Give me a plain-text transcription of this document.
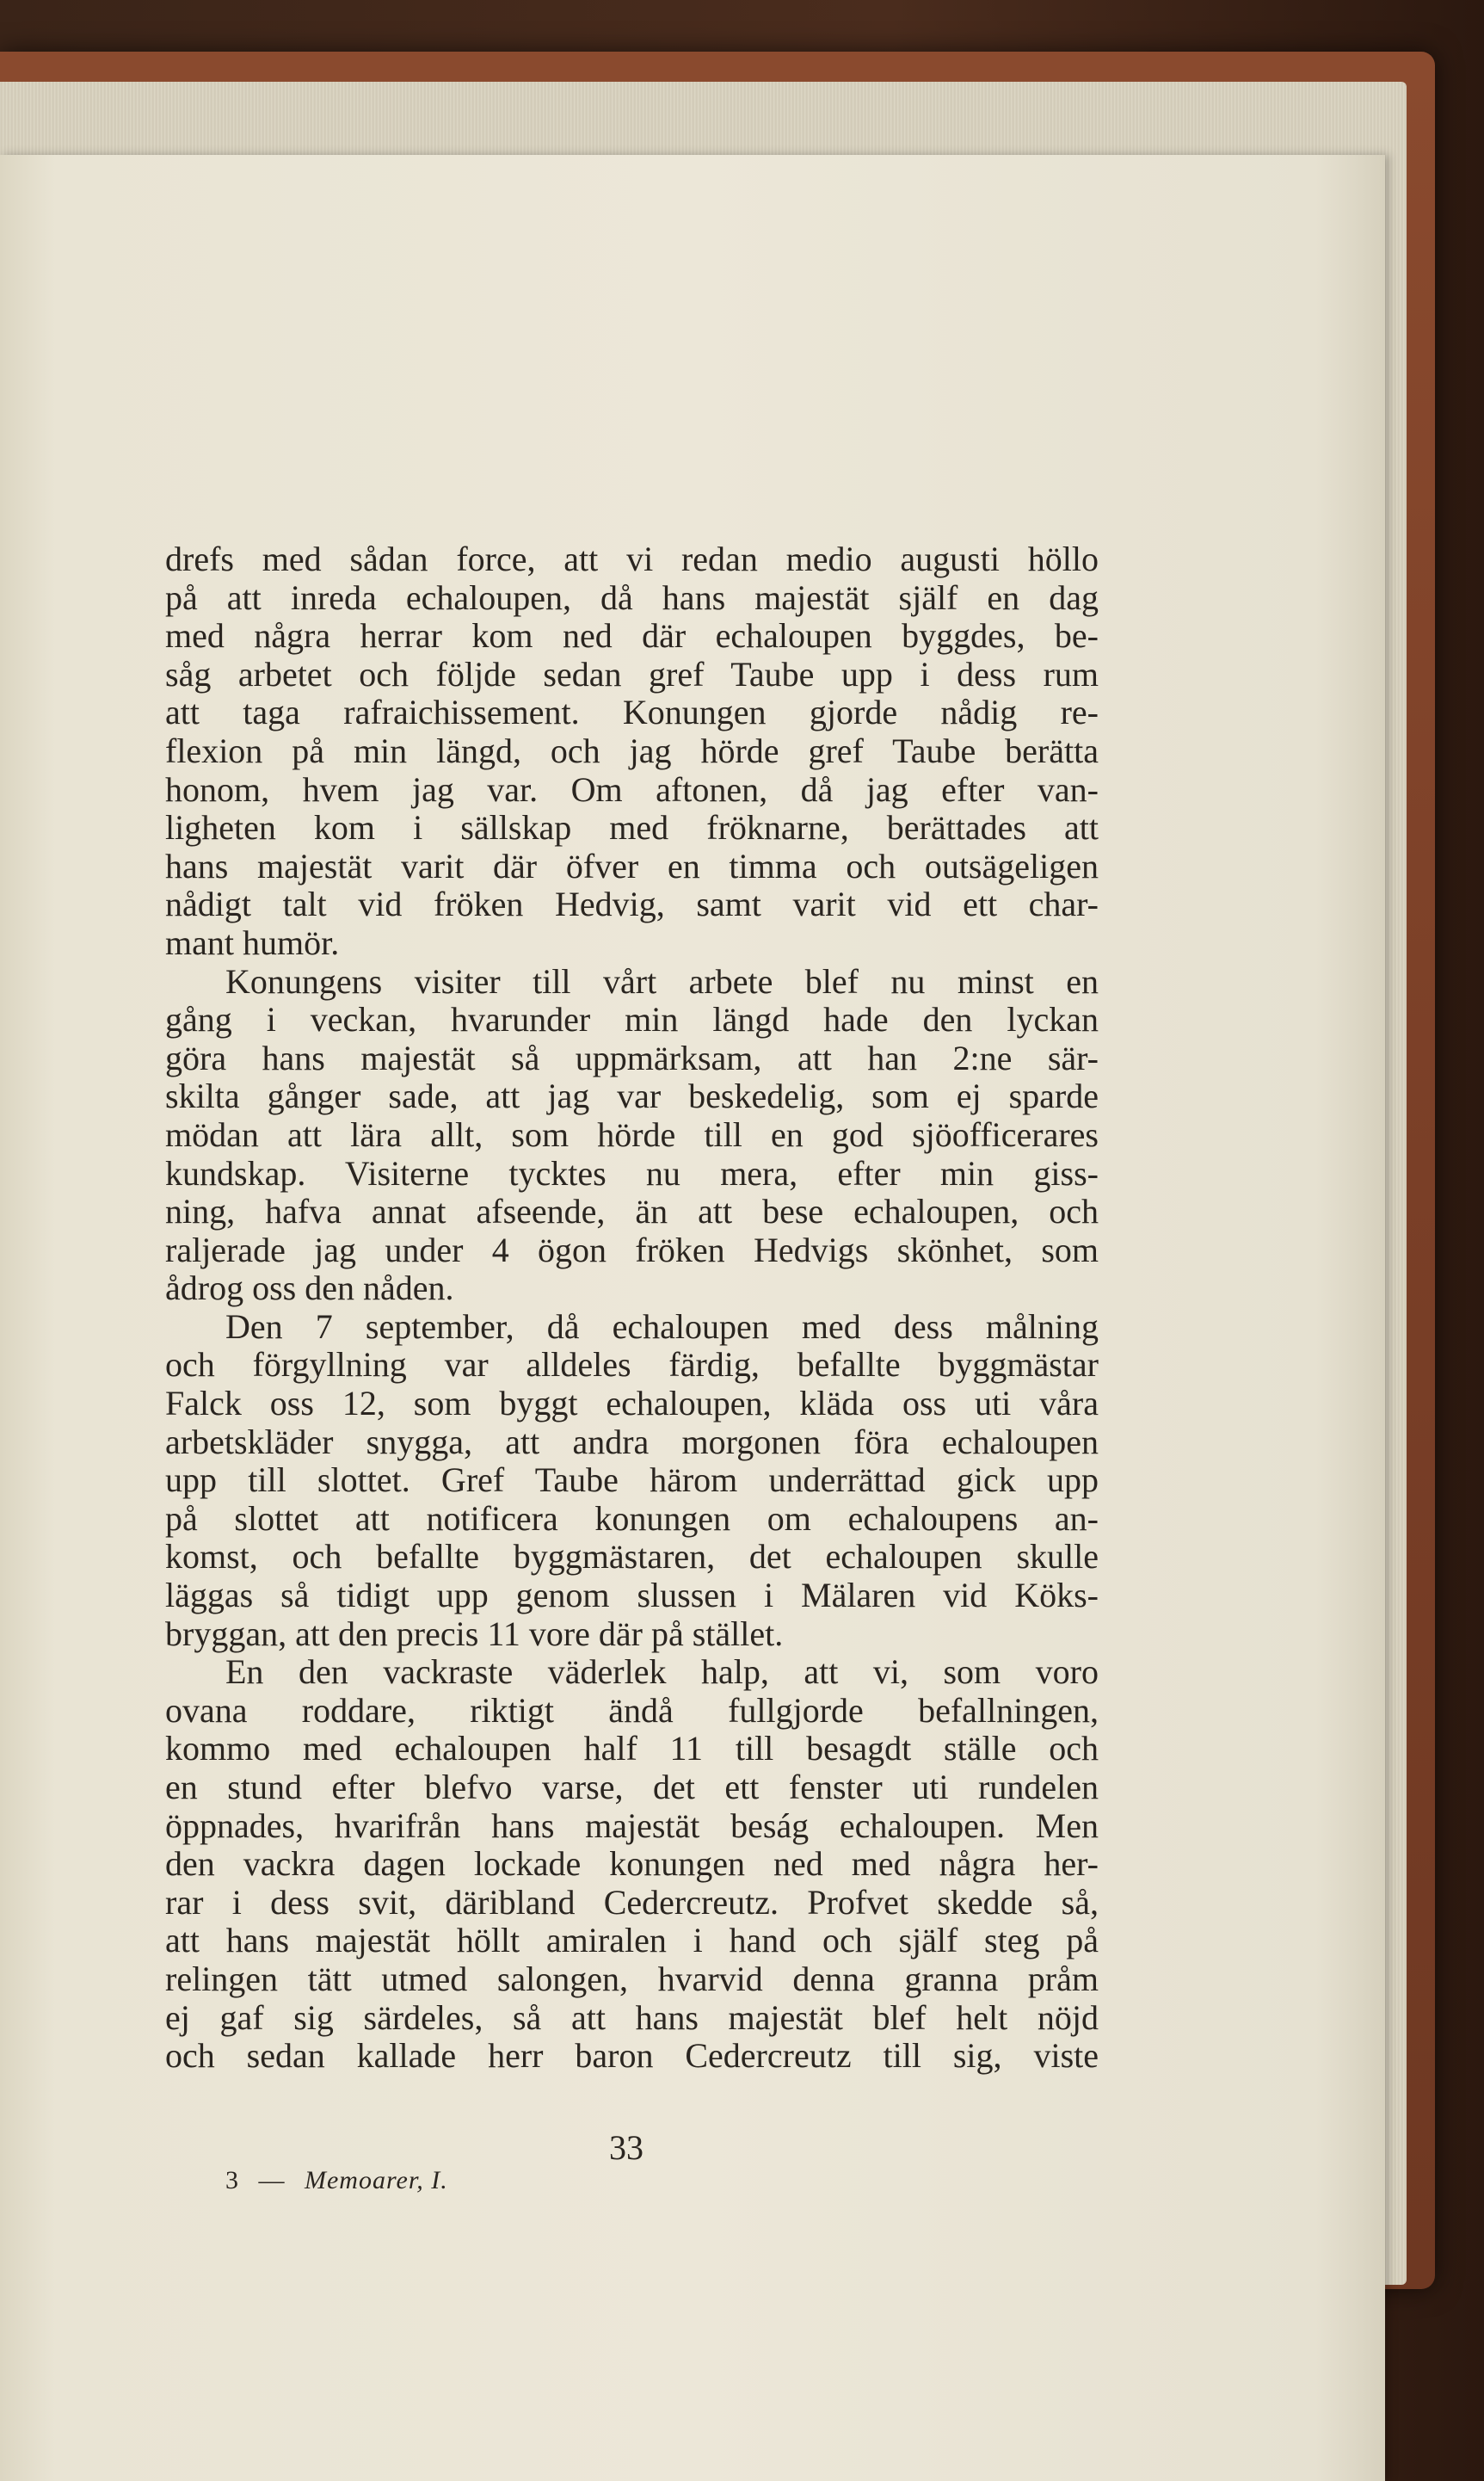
drefs med sådan force, att vi redan medio augusti höllo
på att inreda echaloupen, då hans majestät själf en dag
med några herrar kom ned där echaloupen byggdes, be-
såg arbetet och följde sedan gref Taube upp i dess rum
att taga rafraichissement. Konungen gjorde nådig re-
flexion på min längd, och jag hörde gref Taube berätta
honom, hvem jag var. Om aftonen, då jag efter van-
ligheten kom i sällskap med fröknarne, berättades att
hans majestät varit där öfver en timma och outsägeligen
nådigt talt vid fröken Hedvig, samt varit vid ett char-
mant humör.
Konungens visiter till vårt arbete blef nu minst en
gång i veckan, hvarunder min längd hade den lyckan
göra hans majestät så uppmärksam, att han 2:ne sär-
skilta gånger sade, att jag var beskedelig, som ej sparde
mödan att lära allt, som hörde till en god sjöofficerares
kundskap. Visiterne tycktes nu mera, efter min giss-
ning, hafva annat afseende, än att bese echaloupen, och
raljerade jag under 4 ögon fröken Hedvigs skönhet, som
ådrog oss den nåden.
Den 7 september, då echaloupen med dess målning
och förgyllning var alldeles färdig, befallte byggmästar
Falck oss 12, som byggt echaloupen, kläda oss uti våra
arbetskläder snygga, att andra morgonen föra echaloupen
upp till slottet. Gref Taube härom underrättad gick upp
på slottet att notificera konungen om echaloupens an-
komst, och befallte byggmästaren, det echaloupen skulle
läggas så tidigt upp genom slussen i Mälaren vid Köks-
bryggan, att den precis 11 vore där på stället.
En den vackraste väderlek halp, att vi, som voro
ovana roddare, riktigt ändå fullgjorde befallningen,
kommo med echaloupen half 11 till besagdt ställe och
en stund efter blefvo varse, det ett fenster uti rundelen
öppnades, hvarifrån hans majestät beság echaloupen. Men
den vackra dagen lockade konungen ned med några her-
rar i dess svit, däribland Cedercreutz. Profvet skedde så,
att hans majestät höllt amiralen i hand och själf steg på
relingen tätt utmed salongen, hvarvid denna granna pråm
ej gaf sig särdeles, så att hans majestät blef helt nöjd
och sedan kallade herr baron Cedercreutz till sig, viste
33
3 — Memoarer, I.
